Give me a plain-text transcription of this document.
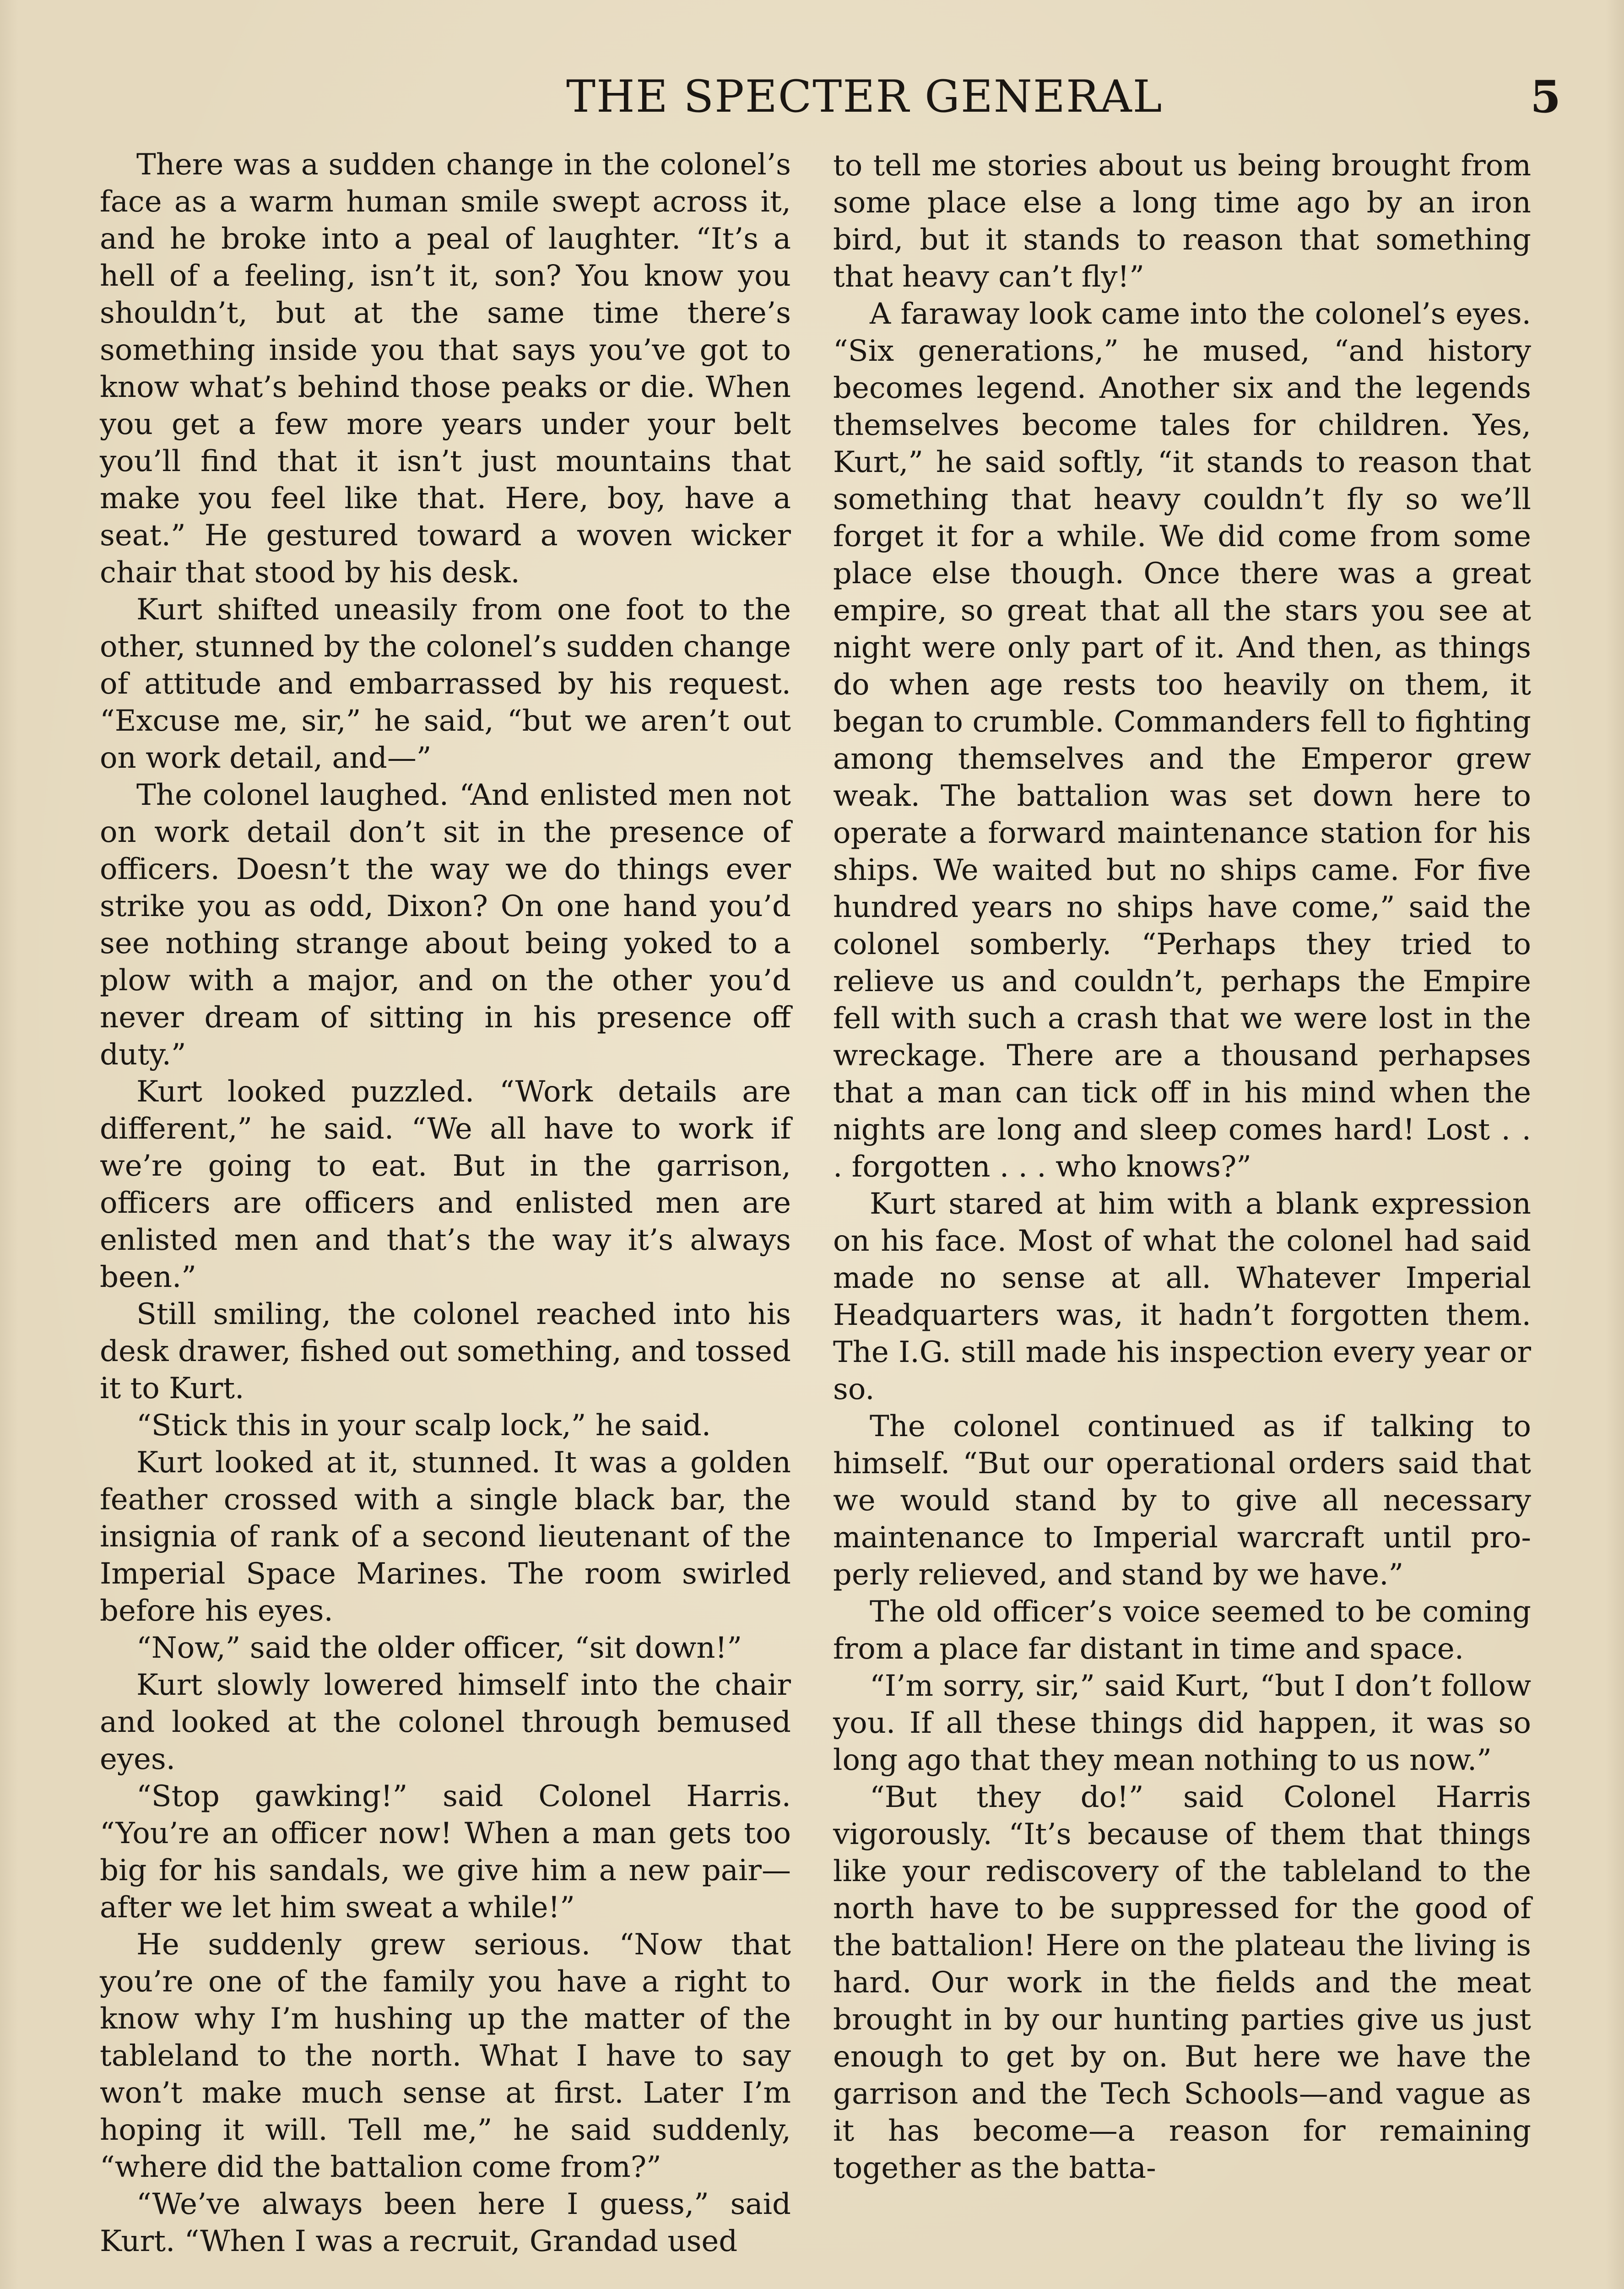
THE SPECTER GENERAL	5

There was a sudden change in the colonel’s face as a warm human smile swept across it, and he broke into a peal of laughter. “It’s a hell of a feeling, isn’t it, son? You know you shouldn’t, but at the same time there’s something inside you that says you’ve got to know what’s behind those peaks or die. When you get a few more years under your belt you’ll find that it isn’t just mountains that make you feel like that. Here, boy, have a seat.” He gestured toward a woven wicker chair that stood by his desk.

Kurt shifted uneasily from one foot to the other, stunned by the colonel’s sudden change of attitude and embarrassed by his request. “Excuse me, sir,” he said, “but we aren’t out on work detail, and—”

The colonel laughed. “And enlisted men not on work detail don’t sit in the presence of officers. Doesn’t the way we do things ever strike you as odd, Dixon? On one hand you’d see nothing strange about being yoked to a plow with a major, and on the other you’d never dream of sitting in his presence off duty.”

Kurt looked puzzled. “Work details are different,” he said. “We all have to work if we’re going to eat. But in the garrison, officers are officers and enlisted men are enlisted men and that’s the way it’s always been.”

Still smiling, the colonel reached into his desk drawer, fished out something, and tossed it to Kurt.

“Stick this in your scalp lock,” he said.

Kurt looked at it, stunned. It was a golden feather crossed with a single black bar, the insignia of rank of a second lieutenant of the Imperial Space Marines. The room swirled before his eyes.

“Now,” said the older officer, “sit down!”

Kurt slowly lowered himself into the chair and looked at the colonel through bemused eyes.

“Stop gawking!” said Colonel Harris. “You’re an officer now! When a man gets too big for his sandals, we give him a new pair—after we let him sweat a while!”

He suddenly grew serious. “Now that you’re one of the family you have a right to know why I’m hushing up the matter of the tableland to the north. What I have to say won’t make much sense at first. Later I’m hoping it will. Tell me,” he said suddenly, “where did the battalion come from?”

“We’ve always been here I guess,” said Kurt. “When I was a recruit, Grandad used

to tell me stories about us being brought from some place else a long time ago by an iron bird, but it stands to reason that something that heavy can’t fly!”

A faraway look came into the colonel’s eyes. “Six generations,” he mused, “and history becomes legend. Another six and the legends themselves become tales for children. Yes, Kurt,” he said softly, “it stands to reason that something that heavy couldn’t fly so we’ll forget it for a while. We did come from some place else though. Once there was a great empire, so great that all the stars you see at night were only part of it. And then, as things do when age rests too heavily on them, it began to crumble. Commanders fell to fighting among themselves and the Emperor grew weak. The battalion was set down here to operate a forward maintenance station for his ships. We waited but no ships came. For five hundred years no ships have come,” said the colonel somberly. “Perhaps they tried to relieve us and couldn’t, perhaps the Empire fell with such a crash that we were lost in the wreckage. There are a thousand perhapses that a man can tick off in his mind when the nights are long and sleep comes hard! Lost . . . forgotten . . . who knows?”

Kurt stared at him with a blank expression on his face. Most of what the colonel had said made no sense at all. Whatever Imperial Headquarters was, it hadn’t forgotten them. The I.G. still made his inspection every year or so.

The colonel continued as if talking to himself. “But our operational orders said that we would stand by to give all necessary maintenance to Imperial warcraft until properly relieved, and stand by we have.”

The old officer’s voice seemed to be coming from a place far distant in time and space.

“I’m sorry, sir,” said Kurt, “but I don’t follow you. If all these things did happen, it was so long ago that they mean nothing to us now.”

“But they do!” said Colonel Harris vigorously. “It’s because of them that things like your rediscovery of the tableland to the north have to be suppressed for the good of the battalion! Here on the plateau the living is hard. Our work in the fields and the meat brought in by our hunting parties give us just enough to get by on. But here we have the garrison and the Tech Schools—and vague as it has become—a reason for remaining together as the batta-
